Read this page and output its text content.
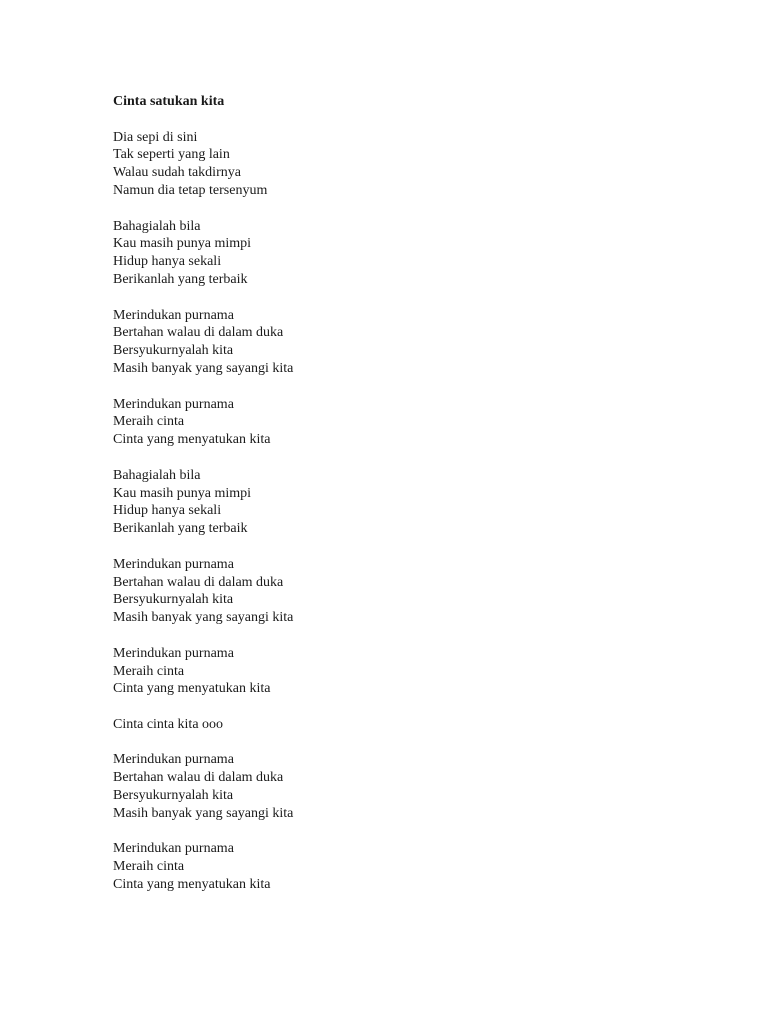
Cinta satukan kita
Dia sepi di sini
Tak seperti yang lain
Walau sudah takdirnya
Namun dia tetap tersenyum
Bahagialah bila
Kau masih punya mimpi
Hidup hanya sekali
Berikanlah yang terbaik
Merindukan purnama
Bertahan walau di dalam duka
Bersyukurnyalah kita
Masih banyak yang sayangi kita
Merindukan purnama
Meraih cinta
Cinta yang menyatukan kita
Bahagialah bila
Kau masih punya mimpi
Hidup hanya sekali
Berikanlah yang terbaik
Merindukan purnama
Bertahan walau di dalam duka
Bersyukurnyalah kita
Masih banyak yang sayangi kita
Merindukan purnama
Meraih cinta
Cinta yang menyatukan kita
Cinta cinta kita ooo
Merindukan purnama
Bertahan walau di dalam duka
Bersyukurnyalah kita
Masih banyak yang sayangi kita
Merindukan purnama
Meraih cinta
Cinta yang menyatukan kita
